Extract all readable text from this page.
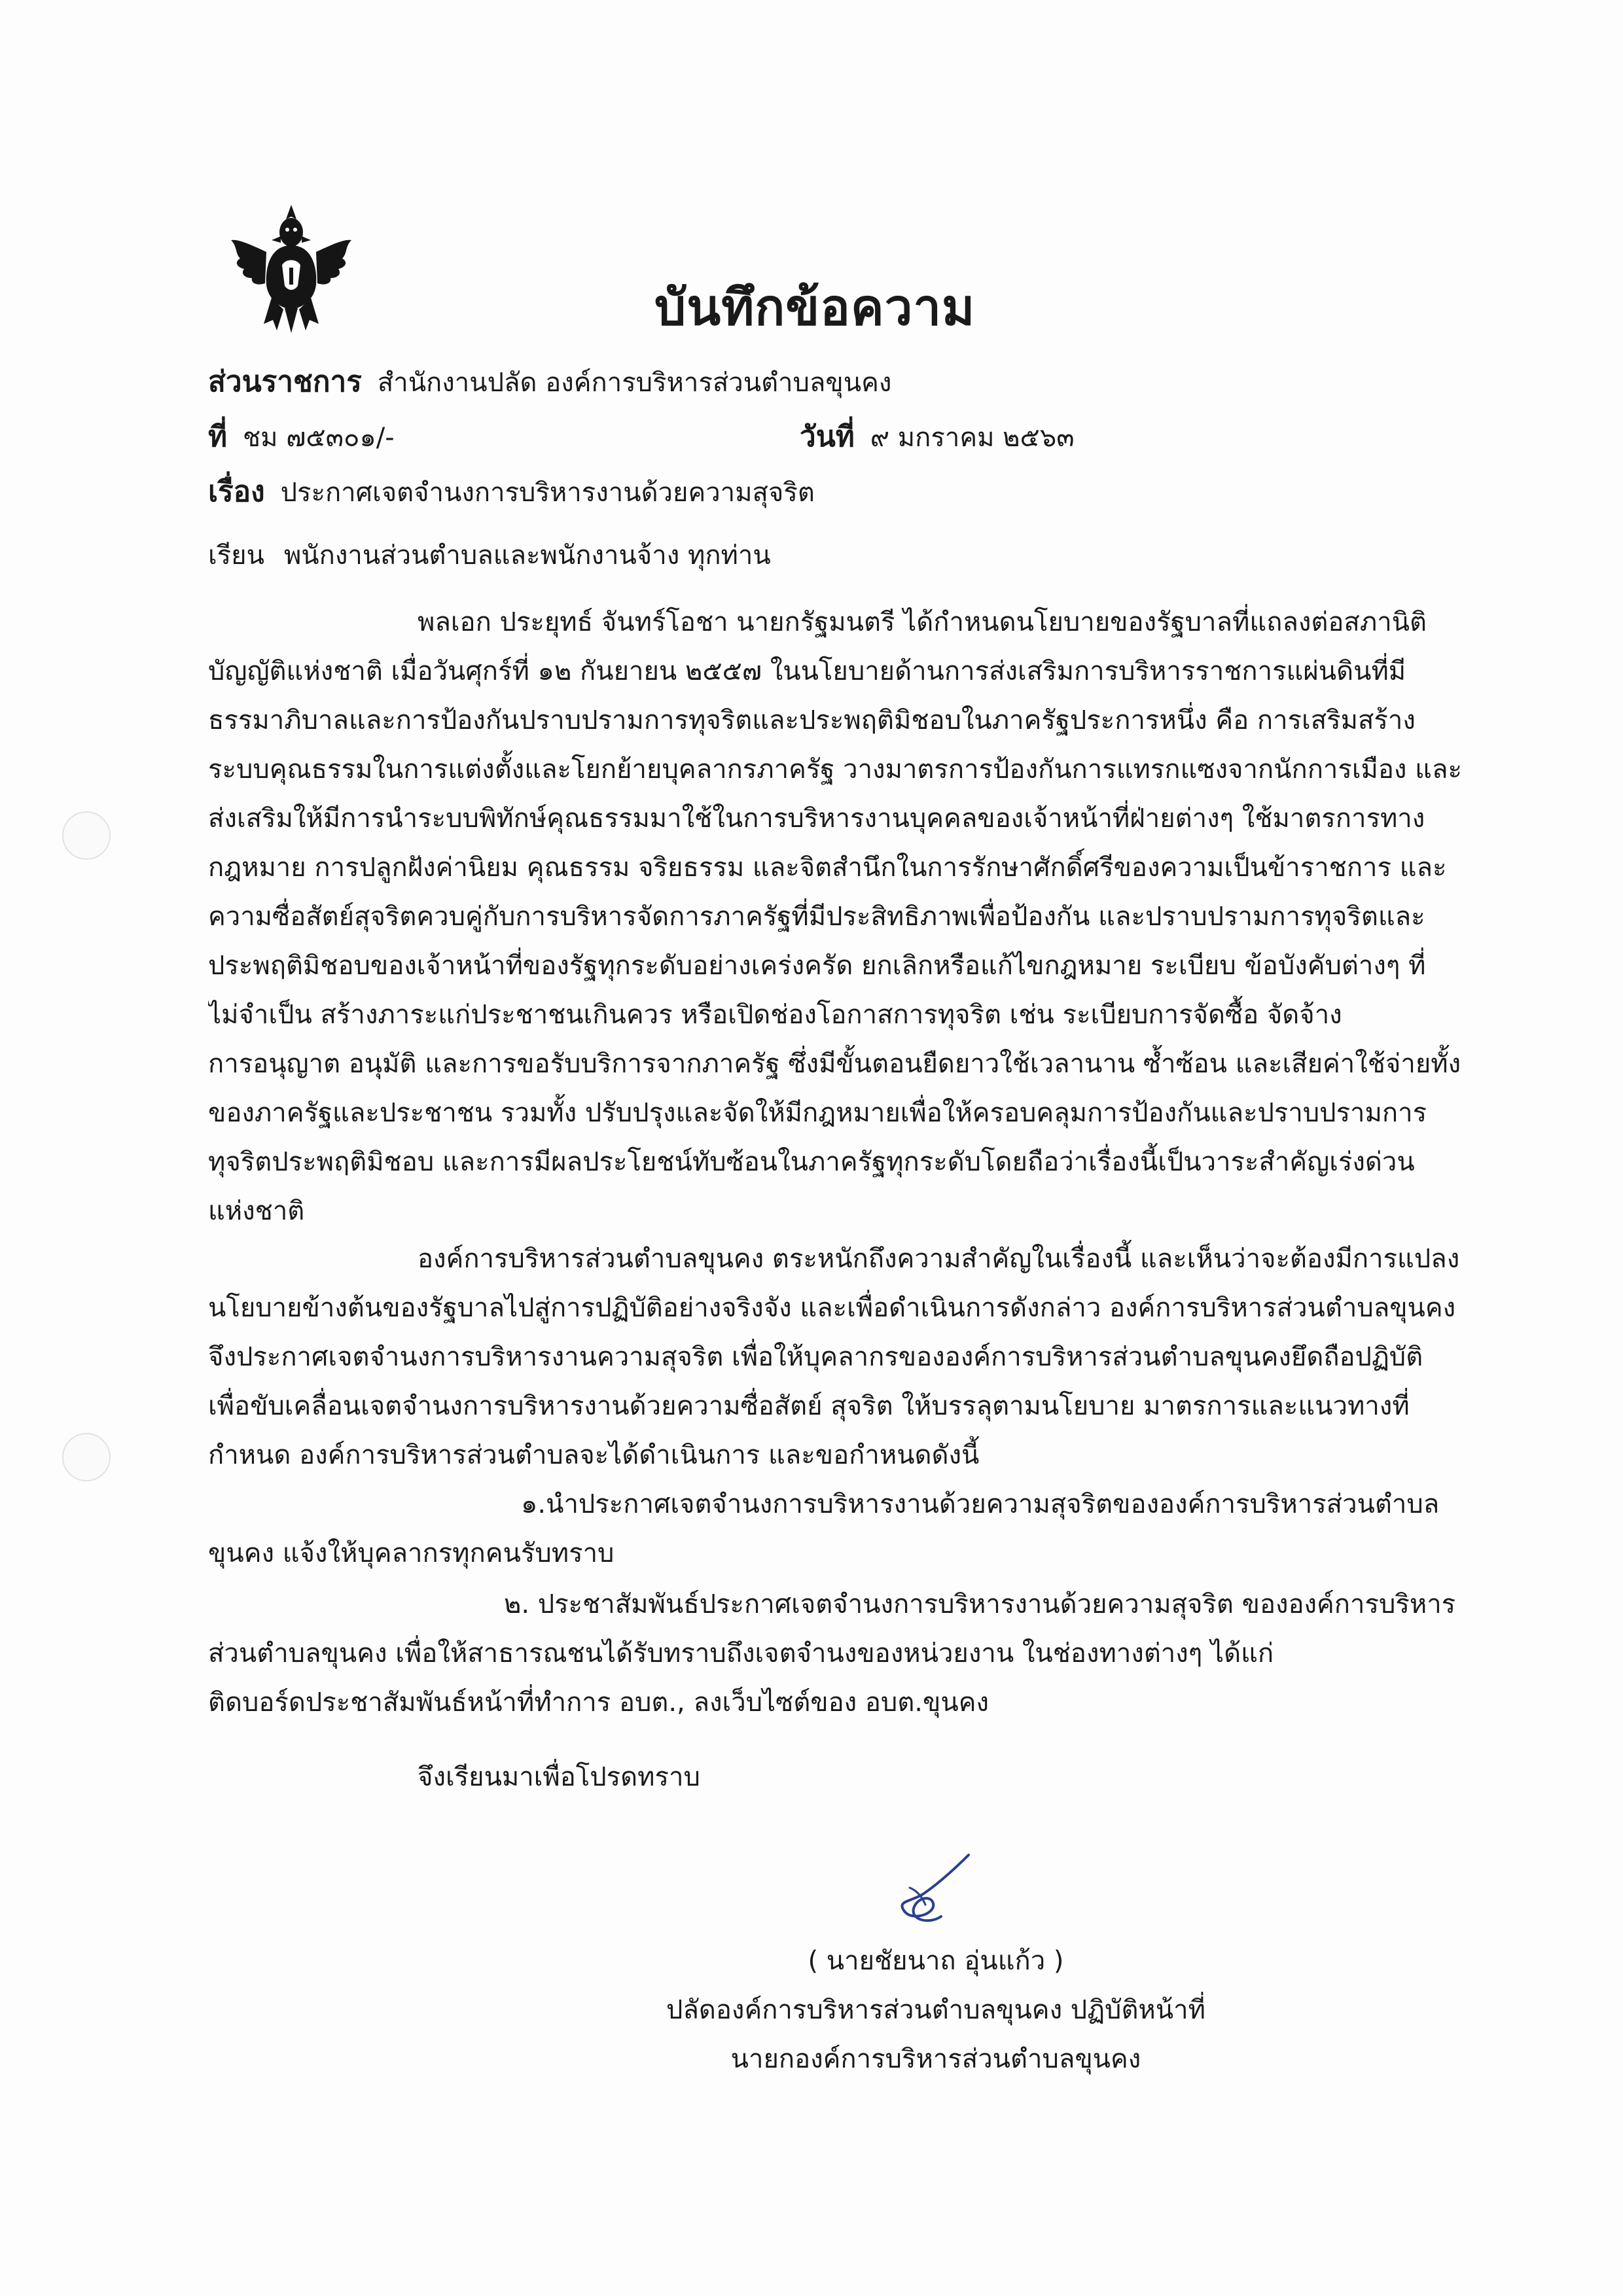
บันทึกข้อความ
ส่วนราชการ สำนักงานปลัด องค์การบริหารส่วนตำบลขุนคง
ที่ ชม ๗๕๓๐๑/-	วันที่ ๙ มกราคม ๒๕๖๓
เรื่อง ประกาศเจตจำนงการบริหารงานด้วยความสุจริต
เรียน พนักงานส่วนตำบลและพนักงานจ้าง ทุกท่าน
พลเอก ประยุทธ์ จันทร์โอชา นายกรัฐมนตรี ได้กำหนดนโยบายของรัฐบาลที่แถลงต่อสภานิติ
บัญญัติแห่งชาติ เมื่อวันศุกร์ที่ ๑๒ กันยายน ๒๕๕๗ ในนโยบายด้านการส่งเสริมการบริหารราชการแผ่นดินที่มี
ธรรมาภิบาลและการป้องกันปราบปรามการทุจริตและประพฤติมิชอบในภาครัฐประการหนึ่ง คือ การเสริมสร้าง
ระบบคุณธรรมในการแต่งตั้งและโยกย้ายบุคลากรภาครัฐ วางมาตรการป้องกันการแทรกแซงจากนักการเมือง และ
ส่งเสริมให้มีการนำระบบพิทักษ์คุณธรรมมาใช้ในการบริหารงานบุคคลของเจ้าหน้าที่ฝ่ายต่างๆ ใช้มาตรการทาง
กฎหมาย การปลูกฝังค่านิยม คุณธรรม จริยธรรม และจิตสำนึกในการรักษาศักดิ์ศรีของความเป็นข้าราชการ และ
ความซื่อสัตย์สุจริตควบคู่กับการบริหารจัดการภาครัฐที่มีประสิทธิภาพเพื่อป้องกัน และปราบปรามการทุจริตและ
ประพฤติมิชอบของเจ้าหน้าที่ของรัฐทุกระดับอย่างเคร่งครัด ยกเลิกหรือแก้ไขกฎหมาย ระเบียบ ข้อบังคับต่างๆ ที่
ไม่จำเป็น สร้างภาระแก่ประชาชนเกินควร หรือเปิดช่องโอกาสการทุจริต เช่น ระเบียบการจัดซื้อ จัดจ้าง
การอนุญาต อนุมัติ และการขอรับบริการจากภาครัฐ ซึ่งมีขั้นตอนยืดยาวใช้เวลานาน ซ้ำซ้อน และเสียค่าใช้จ่ายทั้ง
ของภาครัฐและประชาชน รวมทั้ง ปรับปรุงและจัดให้มีกฎหมายเพื่อให้ครอบคลุมการป้องกันและปราบปรามการ
ทุจริตประพฤติมิชอบ และการมีผลประโยชน์ทับซ้อนในภาครัฐทุกระดับโดยถือว่าเรื่องนี้เป็นวาระสำคัญเร่งด่วน
แห่งชาติ
องค์การบริหารส่วนตำบลขุนคง ตระหนักถึงความสำคัญในเรื่องนี้ และเห็นว่าจะต้องมีการแปลง
นโยบายข้างต้นของรัฐบาลไปสู่การปฏิบัติอย่างจริงจัง และเพื่อดำเนินการดังกล่าว องค์การบริหารส่วนตำบลขุนคง
จึงประกาศเจตจำนงการบริหารงานความสุจริต เพื่อให้บุคลากรขององค์การบริหารส่วนตำบลขุนคงยึดถือปฏิบัติ
เพื่อขับเคลื่อนเจตจำนงการบริหารงานด้วยความซื่อสัตย์ สุจริต ให้บรรลุตามนโยบาย มาตรการและแนวทางที่
กำหนด องค์การบริหารส่วนตำบลจะได้ดำเนินการ และขอกำหนดดังนี้
๑.นำประกาศเจตจำนงการบริหารงานด้วยความสุจริตขององค์การบริหารส่วนตำบล
ขุนคง แจ้งให้บุคลากรทุกคนรับทราบ
๒. ประชาสัมพันธ์ประกาศเจตจำนงการบริหารงานด้วยความสุจริต ขององค์การบริหาร
ส่วนตำบลขุนคง เพื่อให้สาธารณชนได้รับทราบถึงเจตจำนงของหน่วยงาน ในช่องทางต่างๆ ได้แก่
ติดบอร์ดประชาสัมพันธ์หน้าที่ทำการ อบต., ลงเว็บไซต์ของ อบต.ขุนคง
จึงเรียนมาเพื่อโปรดทราบ
( นายชัยนาถ อุ่นแก้ว )
ปลัดองค์การบริหารส่วนตำบลขุนคง ปฏิบัติหน้าที่
นายกองค์การบริหารส่วนตำบลขุนคง
